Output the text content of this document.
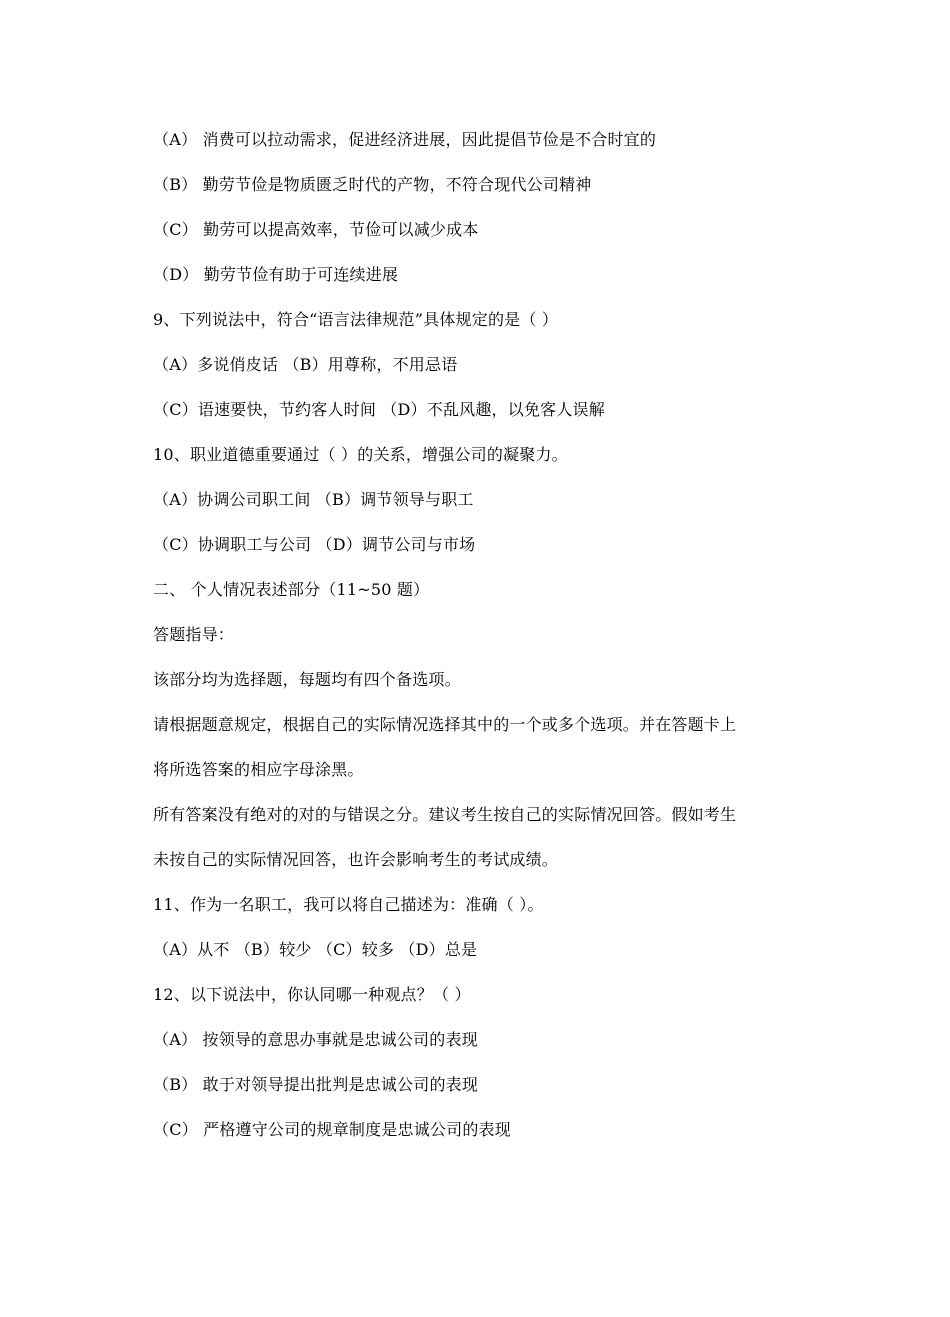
（A） 消费可以拉动需求，促进经济进展，因此提倡节俭是不合时宜的
（B） 勤劳节俭是物质匮乏时代的产物，不符合现代公司精神
（C） 勤劳可以提高效率，节俭可以减少成本
（D） 勤劳节俭有助于可连续进展
9、下列说法中，符合“语言法律规范”具体规定的是（ ）
（A）多说俏皮话 （B）用尊称，不用忌语
（C）语速要快，节约客人时间 （D）不乱风趣，以免客人误解
10、职业道德重要通过（ ）的关系，增强公司的凝聚力。
（A）协调公司职工间 （B）调节领导与职工
（C）协调职工与公司 （D）调节公司与市场
二、 个人情况表述部分（11~50 题）
答题指导：
该部分均为选择题，每题均有四个备选项。
请根据题意规定，根据自己的实际情况选择其中的一个或多个选项。并在答题卡上
将所选答案的相应字母涂黑。
所有答案没有绝对的对的与错误之分。建议考生按自己的实际情况回答。假如考生
未按自己的实际情况回答，也许会影响考生的考试成绩。
11、作为一名职工，我可以将自己描述为：准确（ ）。
（A）从不 （B）较少 （C）较多 （D）总是
12、以下说法中，你认同哪一种观点？（ ）
（A） 按领导的意思办事就是忠诚公司的表现
（B） 敢于对领导提出批判是忠诚公司的表现
（C） 严格遵守公司的规章制度是忠诚公司的表现
